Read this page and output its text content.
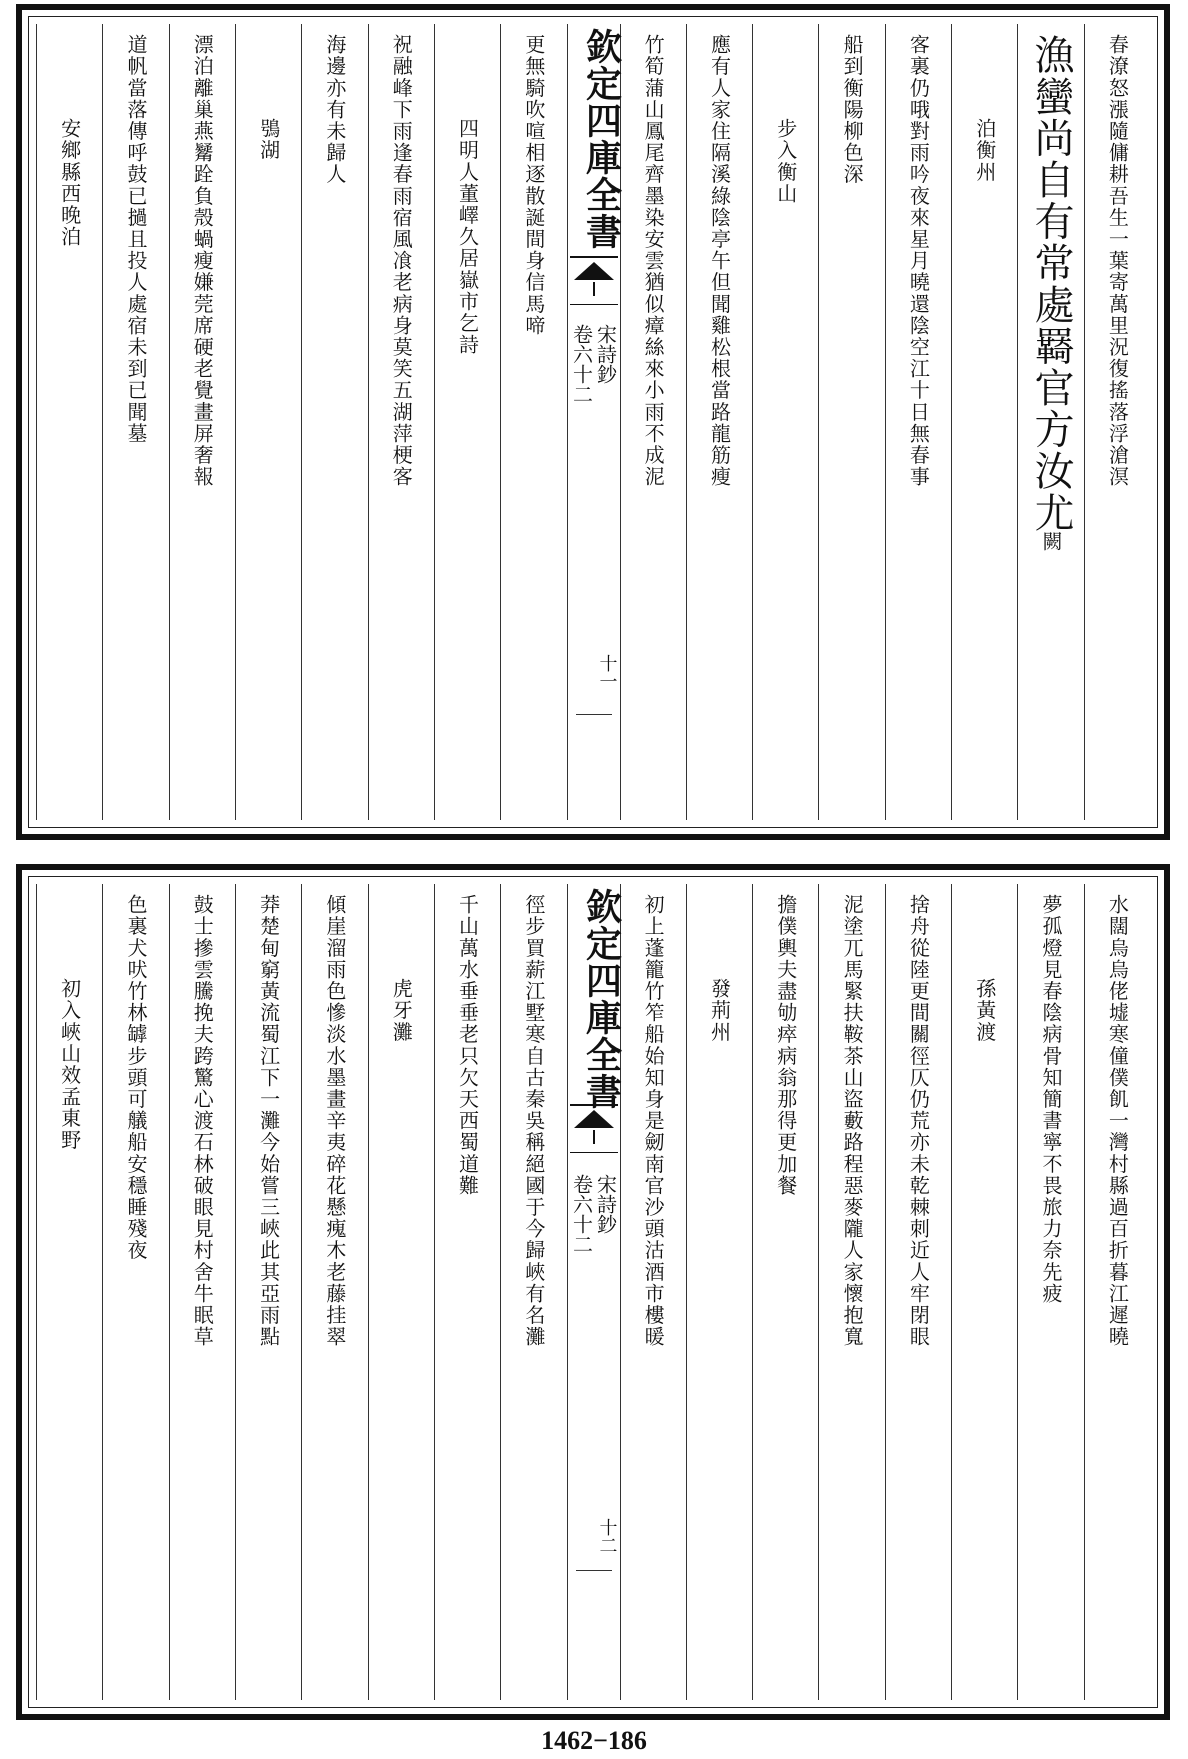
春潦怒漲隨傭耕吾生一葉寄萬里況復搖落浮滄溟
漁蠻尚自有常處羇官方汝尤
闕
泊衡州
客裏仍哦對雨吟夜來星月曉還陰空江十日無春事
船到衡陽柳色深
步入衡山
應有人家住隔溪綠陰亭午但聞雞松根當路龍筋瘦
竹筍蒲山鳳尾齊墨染安雲猶似瘴絲來小雨不成泥
欽定四庫全書
宋詩鈔
卷六十二
十一
更無騎吹喧相逐散誕間身信馬啼
四明人董嶧久居嶽市乞詩
祝融峰下雨逢春雨宿風飡老病身莫笑五湖萍梗客
海邊亦有未歸人
鴞湖
漂泊離巢燕觺跧負殼蝸瘦嫌莞席硬老覺畫屏奢報
道帆當落傳呼鼓已撾且投人處宿未到已聞墓
安鄉縣西晚泊
水闊烏烏佬墟寒僮僕飢一灣村縣過百折暮江遲曉
夢孤燈見春陰病骨知簡書寧不畏旅力奈先疲
孫黃渡
捨舟從陸更間關徑仄仍荒亦未乾棘刺近人牢閉眼
泥塗兀馬緊扶鞍茶山盜藪路程惡麥隴人家懷抱寬
擔僕輿夫盡劬瘁病翁那得更加餐
發荊州
初上蓬籠竹笮船始知身是劒南官沙頭沽酒市樓暖
欽定四庫全書
宋詩鈔
卷六十二
十二
徑步買薪江墅寒自古秦吳稱絕國于今歸峽有名灘
千山萬水垂垂老只欠天西蜀道難
虎牙灘
傾崖溜雨色慘淡水墨畫辛夷碎花懸瘣木老藤挂翠
莽楚甸窮黃流蜀江下一灘今始嘗三峽此其亞雨點
鼓士摻雲騰挽夫跨驚心渡石林破眼見村舍牛眠草
色裏犬吠竹林罅步頭可艤船安穩睡殘夜
初入峽山效孟東野
1462−186
